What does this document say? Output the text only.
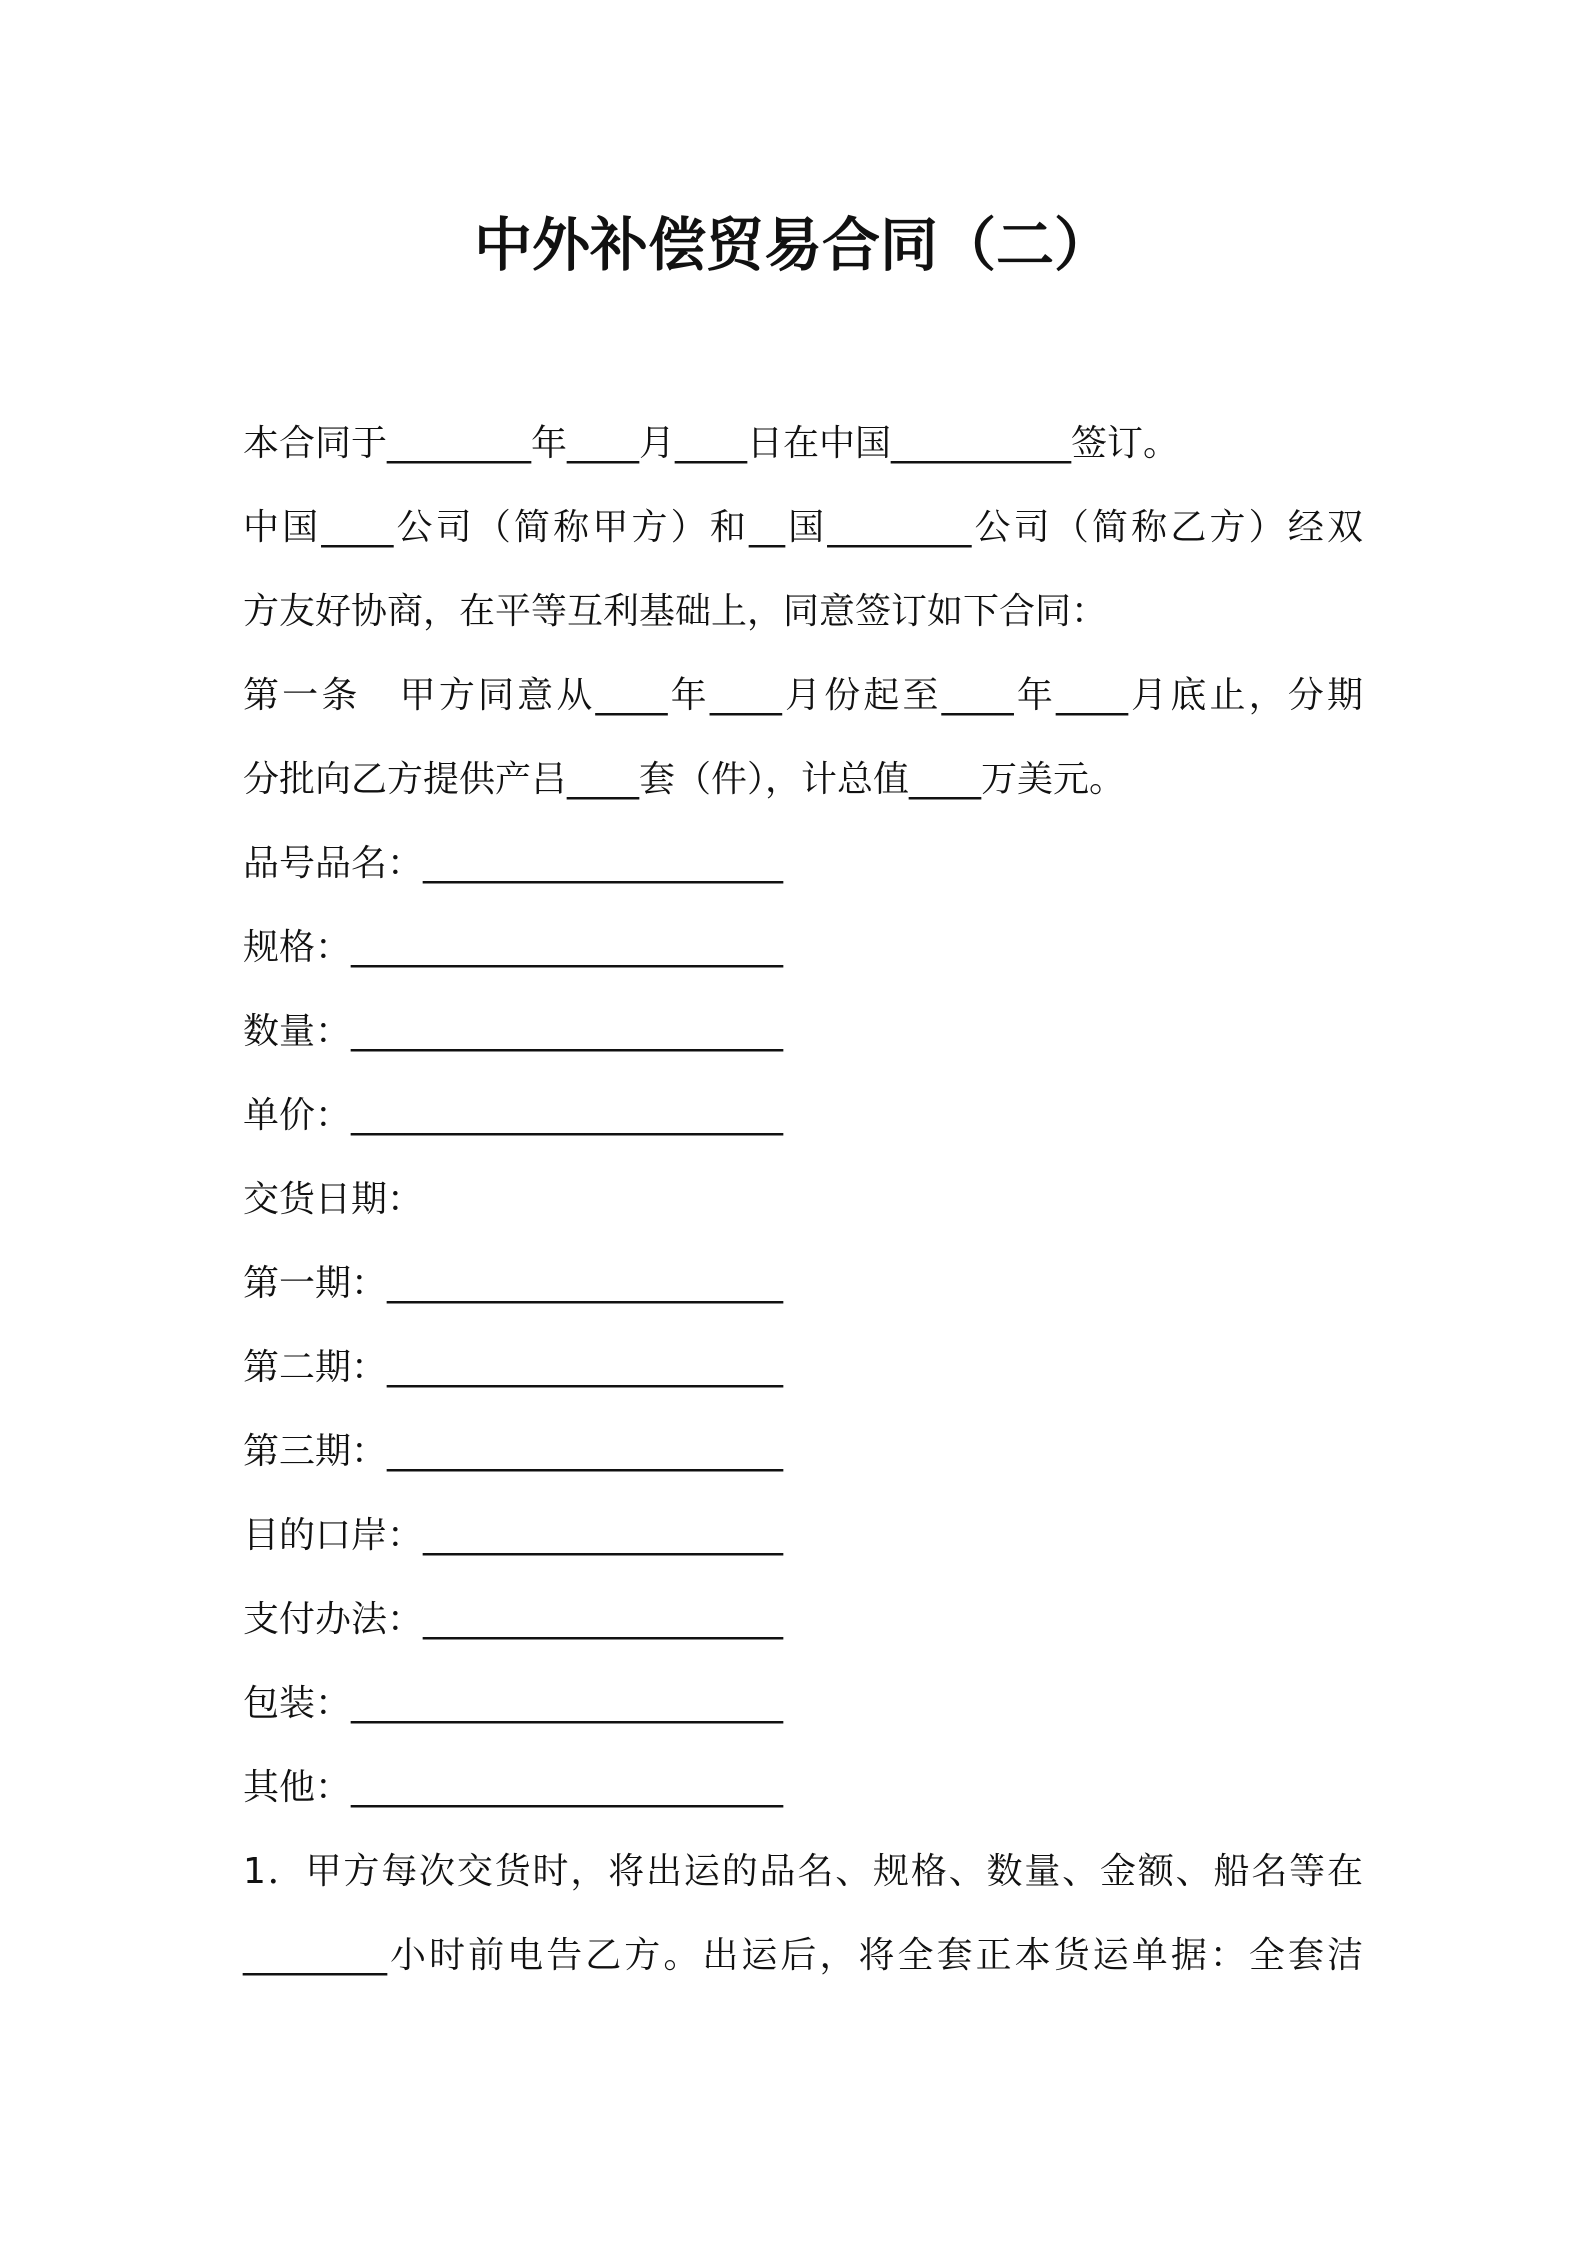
中外补偿贸易合同（二）
本合同于________年____月____日在中国__________签订。
中国____公司（简称甲方）和__国________公司（简称乙方）经双
方友好协商，在平等互利基础上，同意签订如下合同：
第一条　甲方同意从____年____月份起至____年____月底止，分期
分批向乙方提供产吕____套（件），计总值____万美元。
品号品名：____________________
规格：________________________
数量：________________________
单价：________________________
交货日期：
第一期：______________________
第二期：______________________
第三期：______________________
目的口岸：____________________
支付办法：____________________
包装：________________________
其他：________________________
1．甲方每次交货时，将出运的品名、规格、数量、金额、船名等在
________小时前电告乙方。出运后，将全套正本货运单据：全套洁
